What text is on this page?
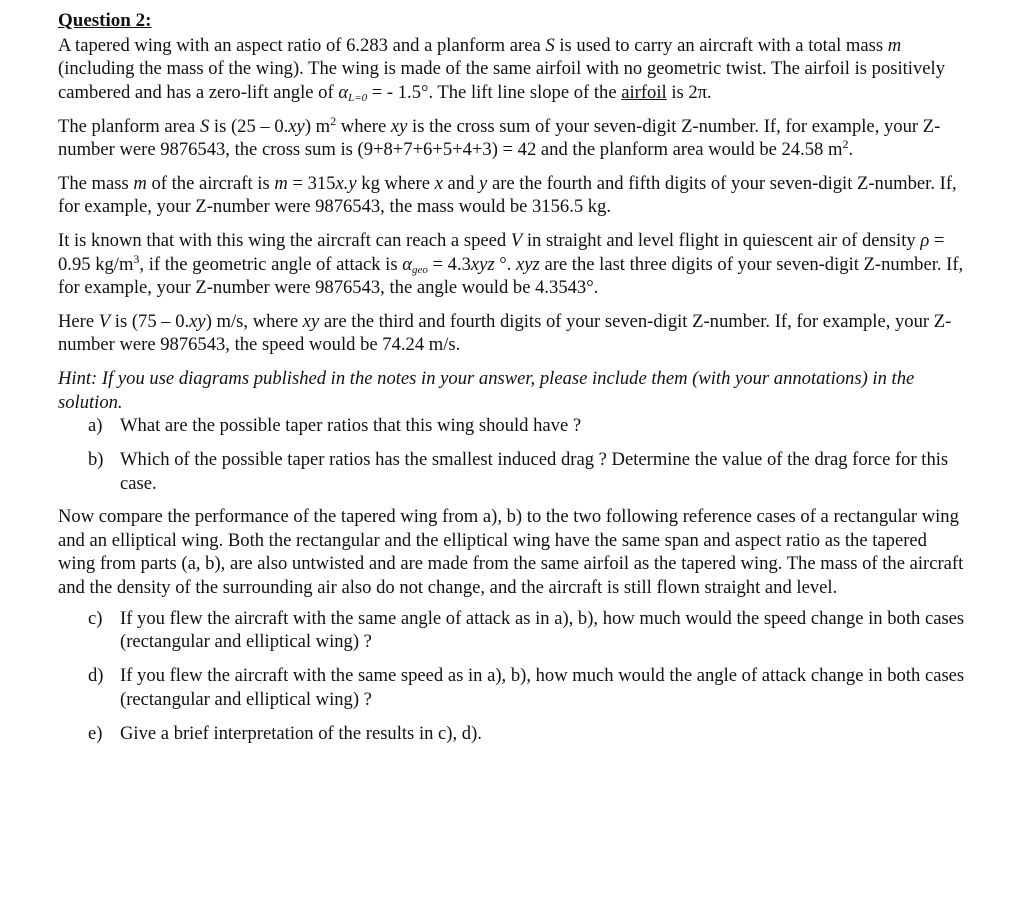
Question 2:

A tapered wing with an aspect ratio of 6.283 and a planform area S is used to carry an aircraft with a total mass m (including the mass of the wing). The wing is made of the same airfoil with no geometric twist. The airfoil is positively cambered and has a zero-lift angle of αL=0 = - 1.5°. The lift line slope of the airfoil is 2π.

The planform area S is (25 – 0.xy) $m^2$ where xy is the cross sum of your seven-digit Z-number. If, for example, your Z-number were 9876543, the cross sum is (9+8+7+6+5+4+3) = 42 and the planform area would be 24.58 $m^2$.

The mass m of the aircraft is m = 315x.y kg where x and y are the fourth and fifth digits of your seven-digit Z-number. If, for example, your Z-number were 9876543, the mass would be 3156.5 kg.

It is known that with this wing the aircraft can reach a speed V in straight and level flight in quiescent air of density ρ = 0.95 $kg/m^3$, if the geometric angle of attack is αgeo = 4.3xyz °. xyz are the last three digits of your seven-digit Z-number. If, for example, your Z-number were 9876543, the angle would be 4.3543°.

Here V is (75 – 0.xy) m/s, where xy are the third and fourth digits of your seven-digit Z-number. If, for example, your Z-number were 9876543, the speed would be 74.24 m/s.

Hint: If you use diagrams published in the notes in your answer, please include them (with your annotations) in the solution.

a) What are the possible taper ratios that this wing should have ?
b) Which of the possible taper ratios has the smallest induced drag ? Determine the value of the drag force for this case.

Now compare the performance of the tapered wing from a), b) to the two following reference cases of a rectangular wing and an elliptical wing. Both the rectangular and the elliptical wing have the same span and aspect ratio as the tapered wing from parts (a, b), are also untwisted and are made from the same airfoil as the tapered wing. The mass of the aircraft and the density of the surrounding air also do not change, and the aircraft is still flown straight and level.

c) If you flew the aircraft with the same angle of attack as in a), b), how much would the speed change in both cases (rectangular and elliptical wing) ?
d) If you flew the aircraft with the same speed as in a), b), how much would the angle of attack change in both cases (rectangular and elliptical wing) ?
e) Give a brief interpretation of the results in c), d).
